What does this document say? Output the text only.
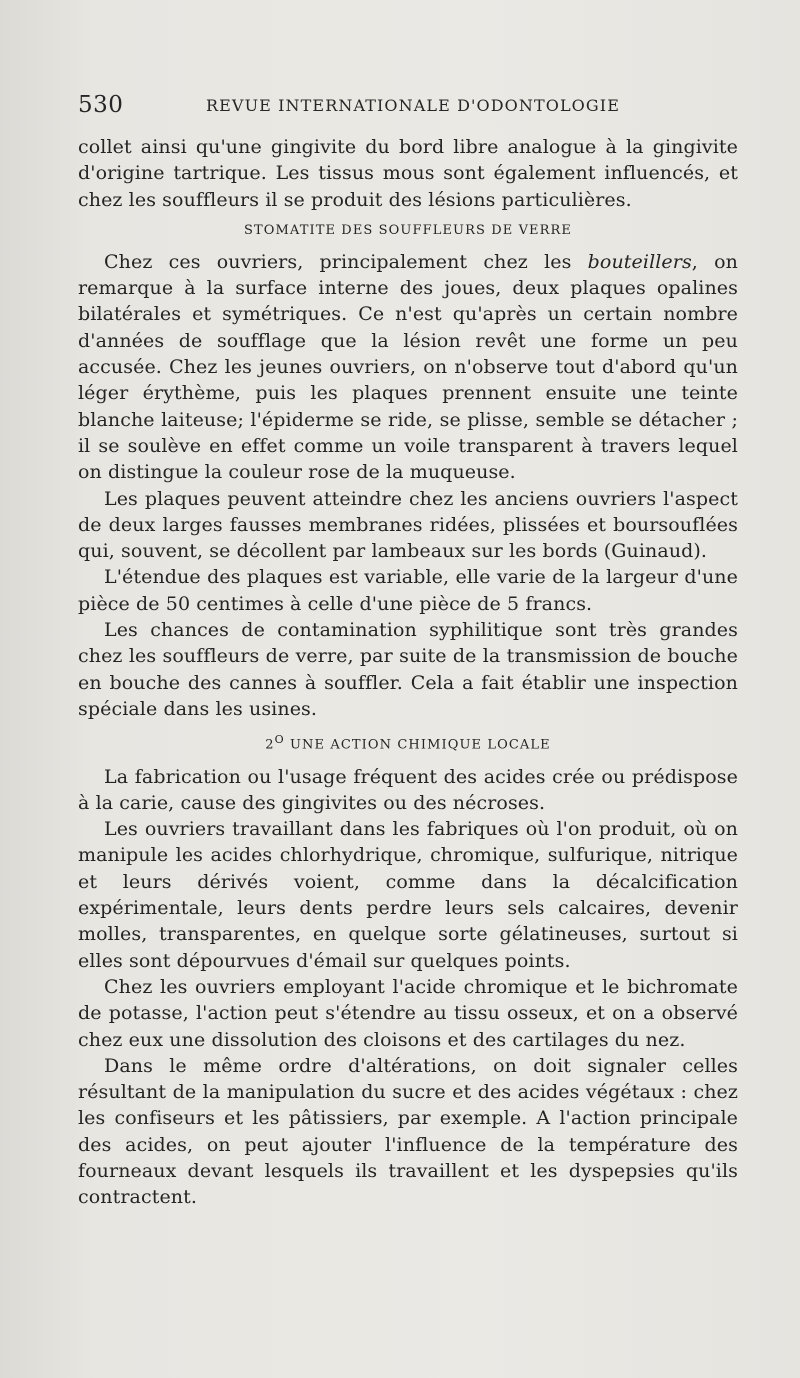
530	REVUE INTERNATIONALE D'ODONTOLOGIE

collet ainsi qu'une gingivite du bord libre analogue à la gingivite d'origine tartrique. Les tissus mous sont également influencés, et chez les souffleurs il se produit des lésions particulières.

STOMATITE DES SOUFFLEURS DE VERRE

Chez ces ouvriers, principalement chez les bouteillers, on remarque à la surface interne des joues, deux plaques opalines bilatérales et symétriques. Ce n'est qu'après un certain nombre d'années de soufflage que la lésion revêt une forme un peu accusée. Chez les jeunes ouvriers, on n'observe tout d'abord qu'un léger érythème, puis les plaques prennent ensuite une teinte blanche laiteuse; l'épiderme se ride, se plisse, semble se détacher ; il se soulève en effet comme un voile transparent à travers lequel on distingue la couleur rose de la muqueuse.

Les plaques peuvent atteindre chez les anciens ouvriers l'aspect de deux larges fausses membranes ridées, plissées et boursouflées qui, souvent, se décollent par lambeaux sur les bords (Guinaud).

L'étendue des plaques est variable, elle varie de la largeur d'une pièce de 50 centimes à celle d'une pièce de 5 francs.

Les chances de contamination syphilitique sont très grandes chez les souffleurs de verre, par suite de la transmission de bouche en bouche des cannes à souffler. Cela a fait établir une inspection spéciale dans les usines.

$2^O$ UNE ACTION CHIMIQUE LOCALE

La fabrication ou l'usage fréquent des acides crée ou prédispose à la carie, cause des gingivites ou des nécroses.

Les ouvriers travaillant dans les fabriques où l'on produit, où on manipule les acides chlorhydrique, chromique, sulfurique, nitrique et leurs dérivés voient, comme dans la décalcification expérimentale, leurs dents perdre leurs sels calcaires, devenir molles, transparentes, en quelque sorte gélatineuses, surtout si elles sont dépourvues d'émail sur quelques points.

Chez les ouvriers employant l'acide chromique et le bichromate de potasse, l'action peut s'étendre au tissu osseux, et on a observé chez eux une dissolution des cloisons et des cartilages du nez.

Dans le même ordre d'altérations, on doit signaler celles résultant de la manipulation du sucre et des acides végétaux : chez les confiseurs et les pâtissiers, par exemple. A l'action principale des acides, on peut ajouter l'influence de la température des fourneaux devant lesquels ils travaillent et les dyspepsies qu'ils contractent.
